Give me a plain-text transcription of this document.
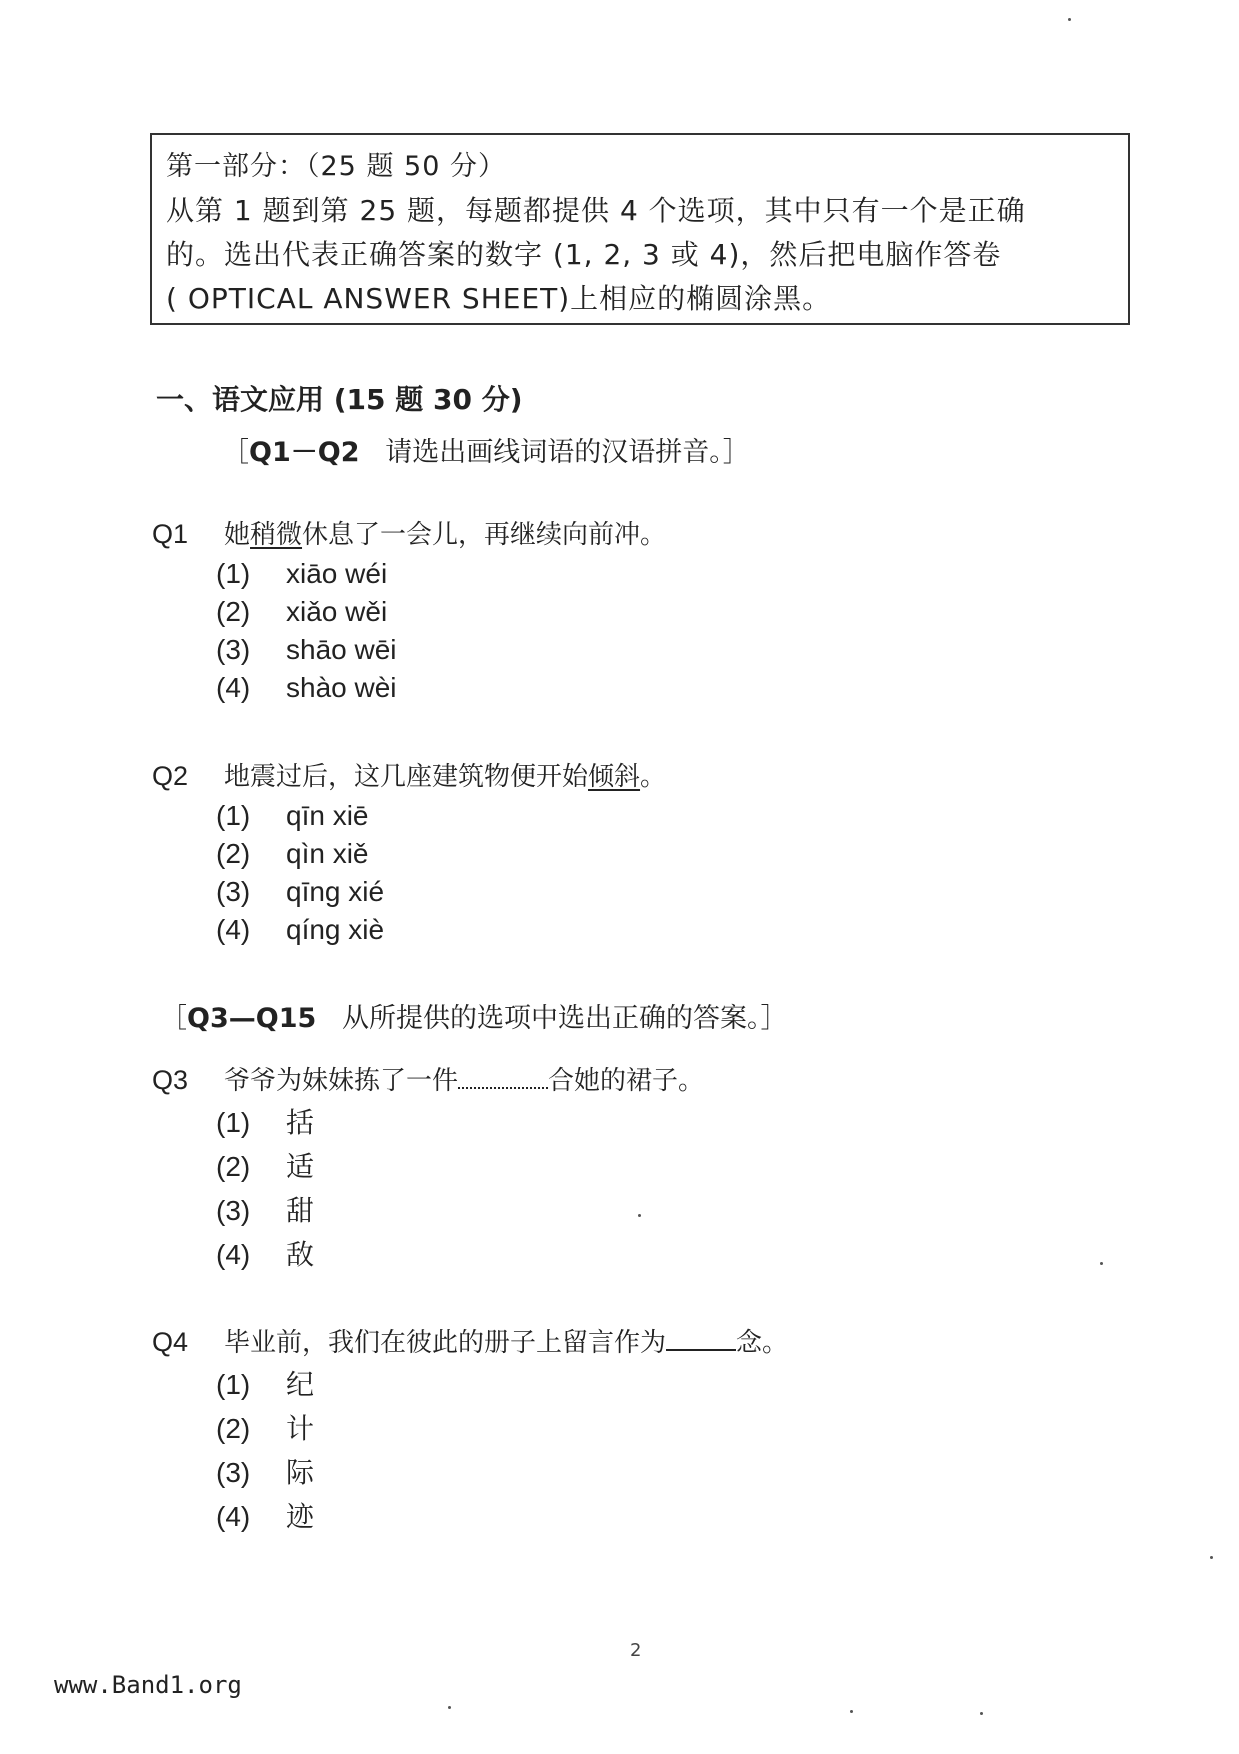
第一部分：（25 题 50 分）
从第 1 题到第 25 题，每题都提供 4 个选项，其中只有一个是正确
的。选出代表正确答案的数字 (1, 2, 3 或 4)，然后把电脑作答卷
( OPTICAL ANSWER SHEET)上相应的椭圆涂黑。
一、语文应用 (15 题 30 分)
［Q1－Q2 请选出画线词语的汉语拼音。］
Q1 她稍微休息了一会儿，再继续向前冲。
(1) xiāo wéi
(2) xiǎo wěi
(3) shāo wēi
(4) shào wèi
Q2 地震过后，这几座建筑物便开始倾斜。
(1) qīn xiē
(2) qìn xiě
(3) qīng xié
(4) qíng xiè
［Q3—Q15 从所提供的选项中选出正确的答案。］
Q3 爷爷为妹妹拣了一件	合她的裙子。
(1) 括
(2) 适
(3) 甜
(4) 敌
Q4 毕业前，我们在彼此的册子上留言作为	念。
(1) 纪
(2) 计
(3) 际
(4) 迹
2
www.Band1.org
